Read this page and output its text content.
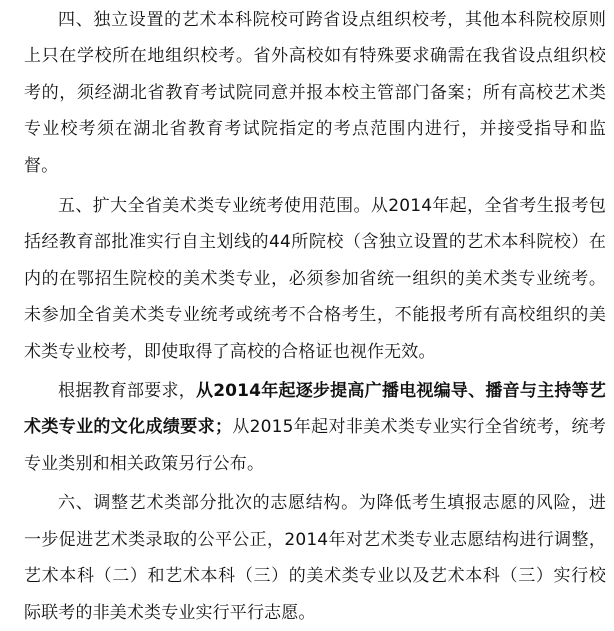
四、独立设置的艺术本科院校可跨省设点组织校考，其他本科院校原则上只在学校所在地组织校考。省外高校如有特殊要求确需在我省设点组织校考的，须经湖北省教育考试院同意并报本校主管部门备案；所有高校艺术类专业校考须在湖北省教育考试院指定的考点范围内进行，并接受指导和监督。

五、扩大全省美术类专业统考使用范围。从2014年起，全省考生报考包括经教育部批准实行自主划线的44所院校（含独立设置的艺术本科院校）在内的在鄂招生院校的美术类专业，必须参加省统一组织的美术类专业统考。未参加全省美术类专业统考或统考不合格考生，不能报考所有高校组织的美术类专业校考，即使取得了高校的合格证也视作无效。

根据教育部要求，从2014年起逐步提高广播电视编导、播音与主持等艺术类专业的文化成绩要求；从2015年起对非美术类专业实行全省统考，统考专业类别和相关政策另行公布。

六、调整艺术类部分批次的志愿结构。为降低考生填报志愿的风险，进一步促进艺术类录取的公平公正，2014年对艺术类专业志愿结构进行调整，艺术本科（二）和艺术本科（三）的美术类专业以及艺术本科（三）实行校际联考的非美术类专业实行平行志愿。
